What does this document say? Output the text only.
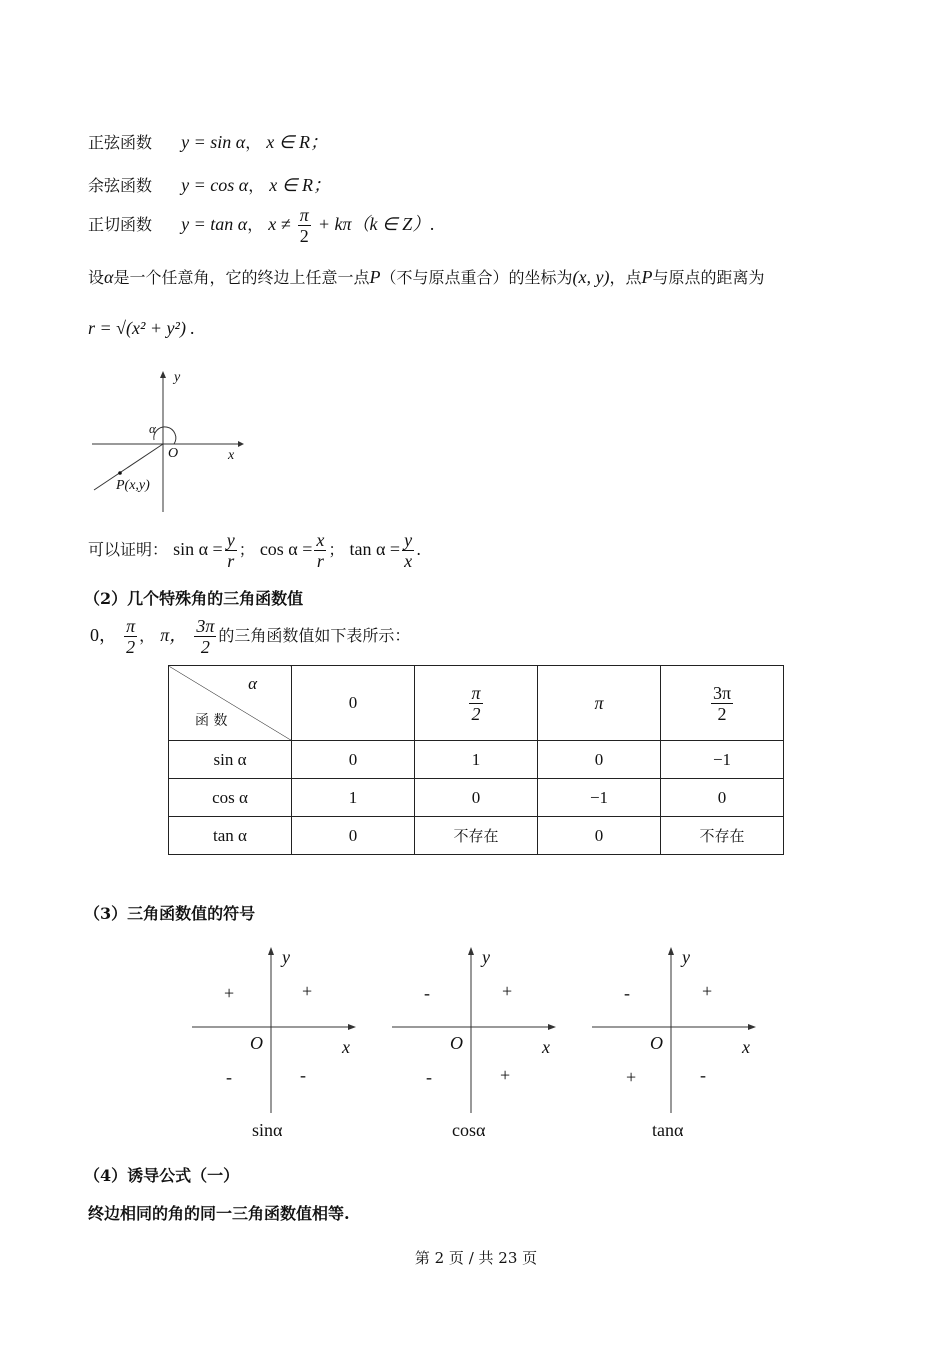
正弦函数 y = sin α， x ∈ R；
余弦函数 y = cos α， x ∈ R；
正切函数 y = tan α， $x \ne \frac{\pi}{2} + k\pi(k$ ∈ Z）.
设α是一个任意角，它的终边上任意一点P（不与原点重合）的坐标为(x, y)，点P与原点的距离为
r = √(x² + y²) .
y
x
O
α
P(x,y)
可以证明： $\sin \alpha = \frac{y}{r}$ ； $\cos \alpha = \frac{x}{r}$ ； $\tan \alpha = \frac{y}{x}$ .
（2）几个特殊角的三角函数值
0， $\frac{\pi}{2}$ ， π， $\frac{3\pi}{2}$ 的三角函数值如下表所示：
α
函 数	0	$\frac{\pi}{2}$	π	$\frac{3\pi}{2}$

sin α	0	1	0	−1
cos α	1	0	−1	0
tan α	0	不存在	0	不存在
（3）三角函数值的符号
y
x
O
+
+
-	-
sinα
y
x
O
+
-
-	+
cosα
y
x
O
+
-
+	-
tanα
（4）诱导公式（一）
终边相同的角的同一三角函数值相等.
第 2 页 / 共 23 页
